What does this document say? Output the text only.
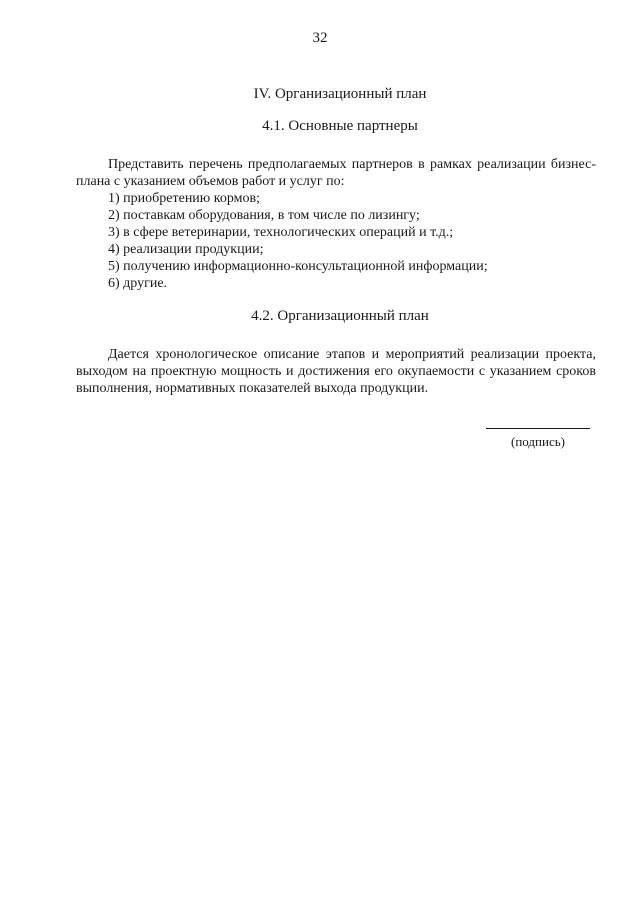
32
IV. Организационный план
4.1. Основные партнеры

Представить перечень предполагаемых партнеров в рамках реализации бизнес-плана с указанием объемов работ и услуг по:

1) приобретению кормов;
2) поставкам оборудования, в том числе по лизингу;
3) в сфере ветеринарии, технологических операций и т.д.;
4) реализации продукции;
5) получению информационно-консультационной информации;
6) другие.
4.2. Организационный план

Дается хронологическое описание этапов и мероприятий реализации проекта, выходом на проектную мощность и достижения его окупаемости с указанием сроков выполнения, нормативных показателей выхода продукции.

(подпись)
